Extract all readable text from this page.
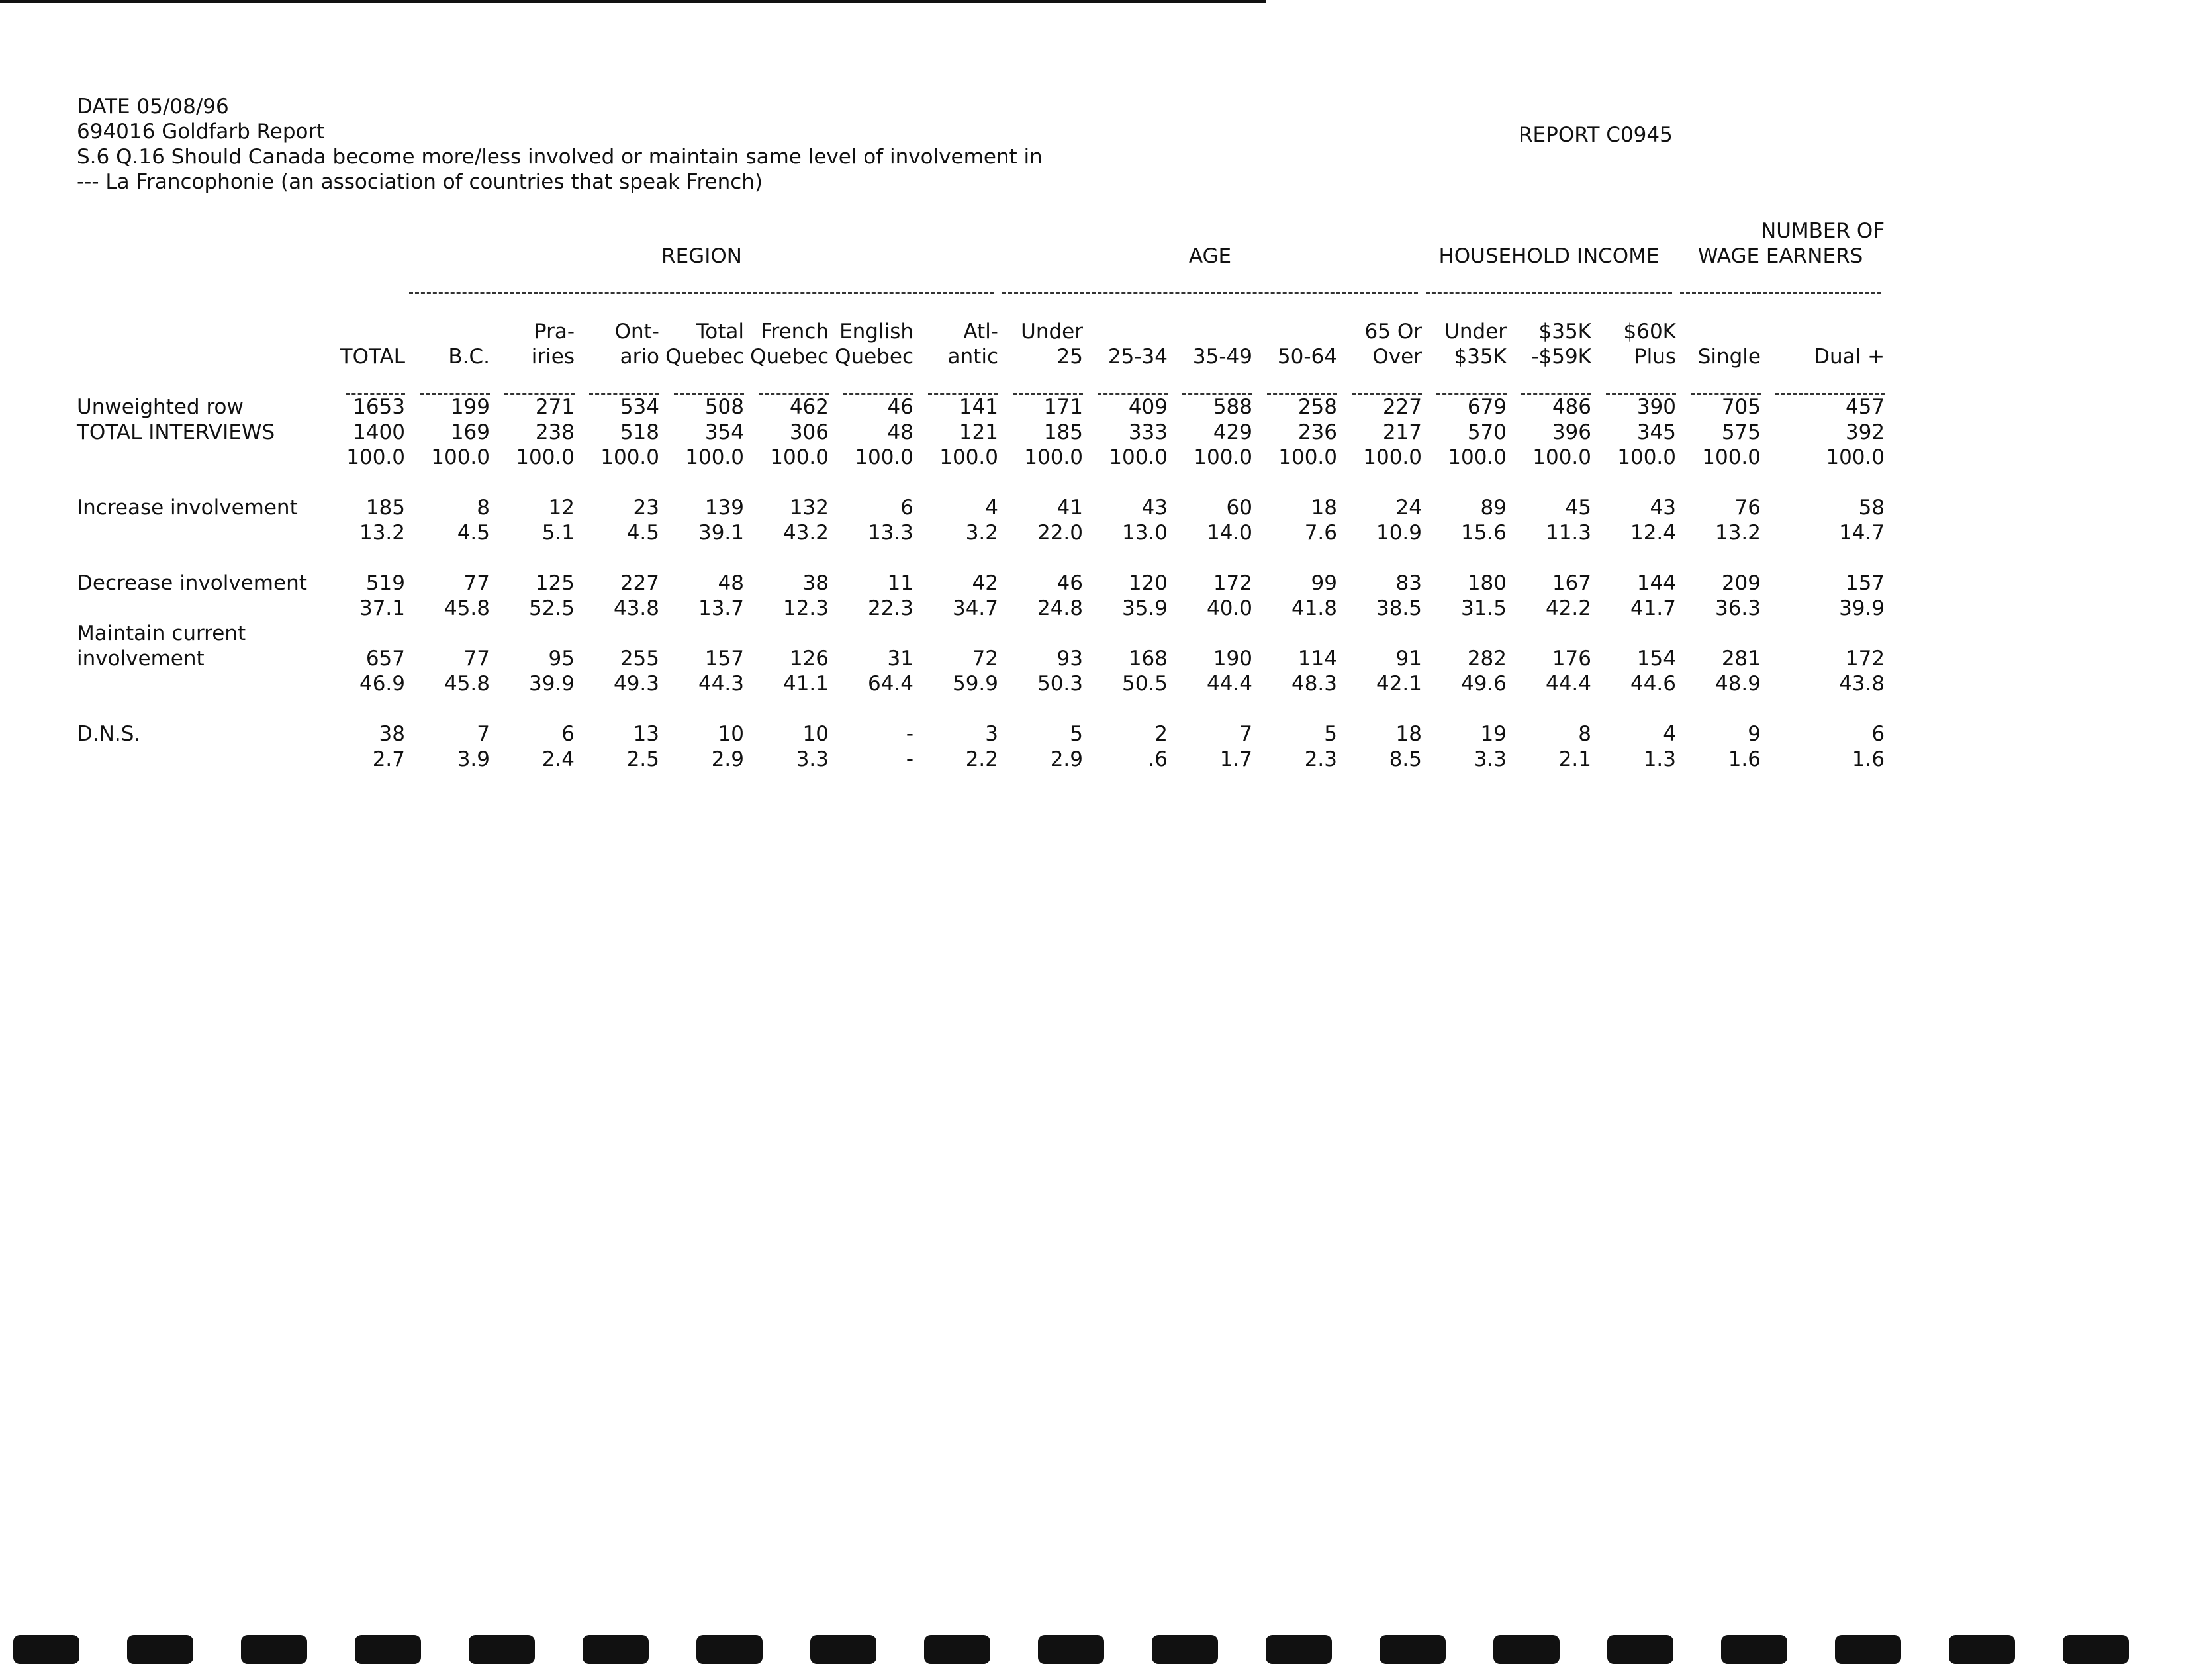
DATE 05/08/96
694016 Goldfarb Report
S.6 Q.16 Should Canada become more/less involved or maintain same level of involvement in
--- La Francophonie (an association of countries that speak French)
REPORT C0945
																		NUMBER OF
		REGION							AGE					HOUSEHOLD INCOME			WAGE EARNERS	

			Pra-	Ont-	Total	French	English	Atl-	Under				65 Or	Under	$35K	$60K		
	TOTAL	B.C.	iries	ario	Quebec	Quebec	Quebec	antic	25	25-34	35-49	50-64	Over	$35K	-$59K	Plus	Single	Dual +

Unweighted row	1653	199	271	534	508	462	46	141	171	409	588	258	227	679	486	390	705	457
TOTAL INTERVIEWS	1400	169	238	518	354	306	48	121	185	333	429	236	217	570	396	345	575	392
	100.0	100.0	100.0	100.0	100.0	100.0	100.0	100.0	100.0	100.0	100.0	100.0	100.0	100.0	100.0	100.0	100.0	100.0

Increase involvement	185	8	12	23	139	132	6	4	41	43	60	18	24	89	45	43	76	58
	13.2	4.5	5.1	4.5	39.1	43.2	13.3	3.2	22.0	13.0	14.0	7.6	10.9	15.6	11.3	12.4	13.2	14.7

Decrease involvement	519	77	125	227	48	38	11	42	46	120	172	99	83	180	167	144	209	157
	37.1	45.8	52.5	43.8	13.7	12.3	22.3	34.7	24.8	35.9	40.0	41.8	38.5	31.5	42.2	41.7	36.3	39.9
Maintain current																		
involvement	657	77	95	255	157	126	31	72	93	168	190	114	91	282	176	154	281	172
	46.9	45.8	39.9	49.3	44.3	41.1	64.4	59.9	50.3	50.5	44.4	48.3	42.1	49.6	44.4	44.6	48.9	43.8

D.N.S.	38	7	6	13	10	10	-	3	5	2	7	5	18	19	8	4	9	6
	2.7	3.9	2.4	2.5	2.9	3.3	-	2.2	2.9	.6	1.7	2.3	8.5	3.3	2.1	1.3	1.6	1.6
